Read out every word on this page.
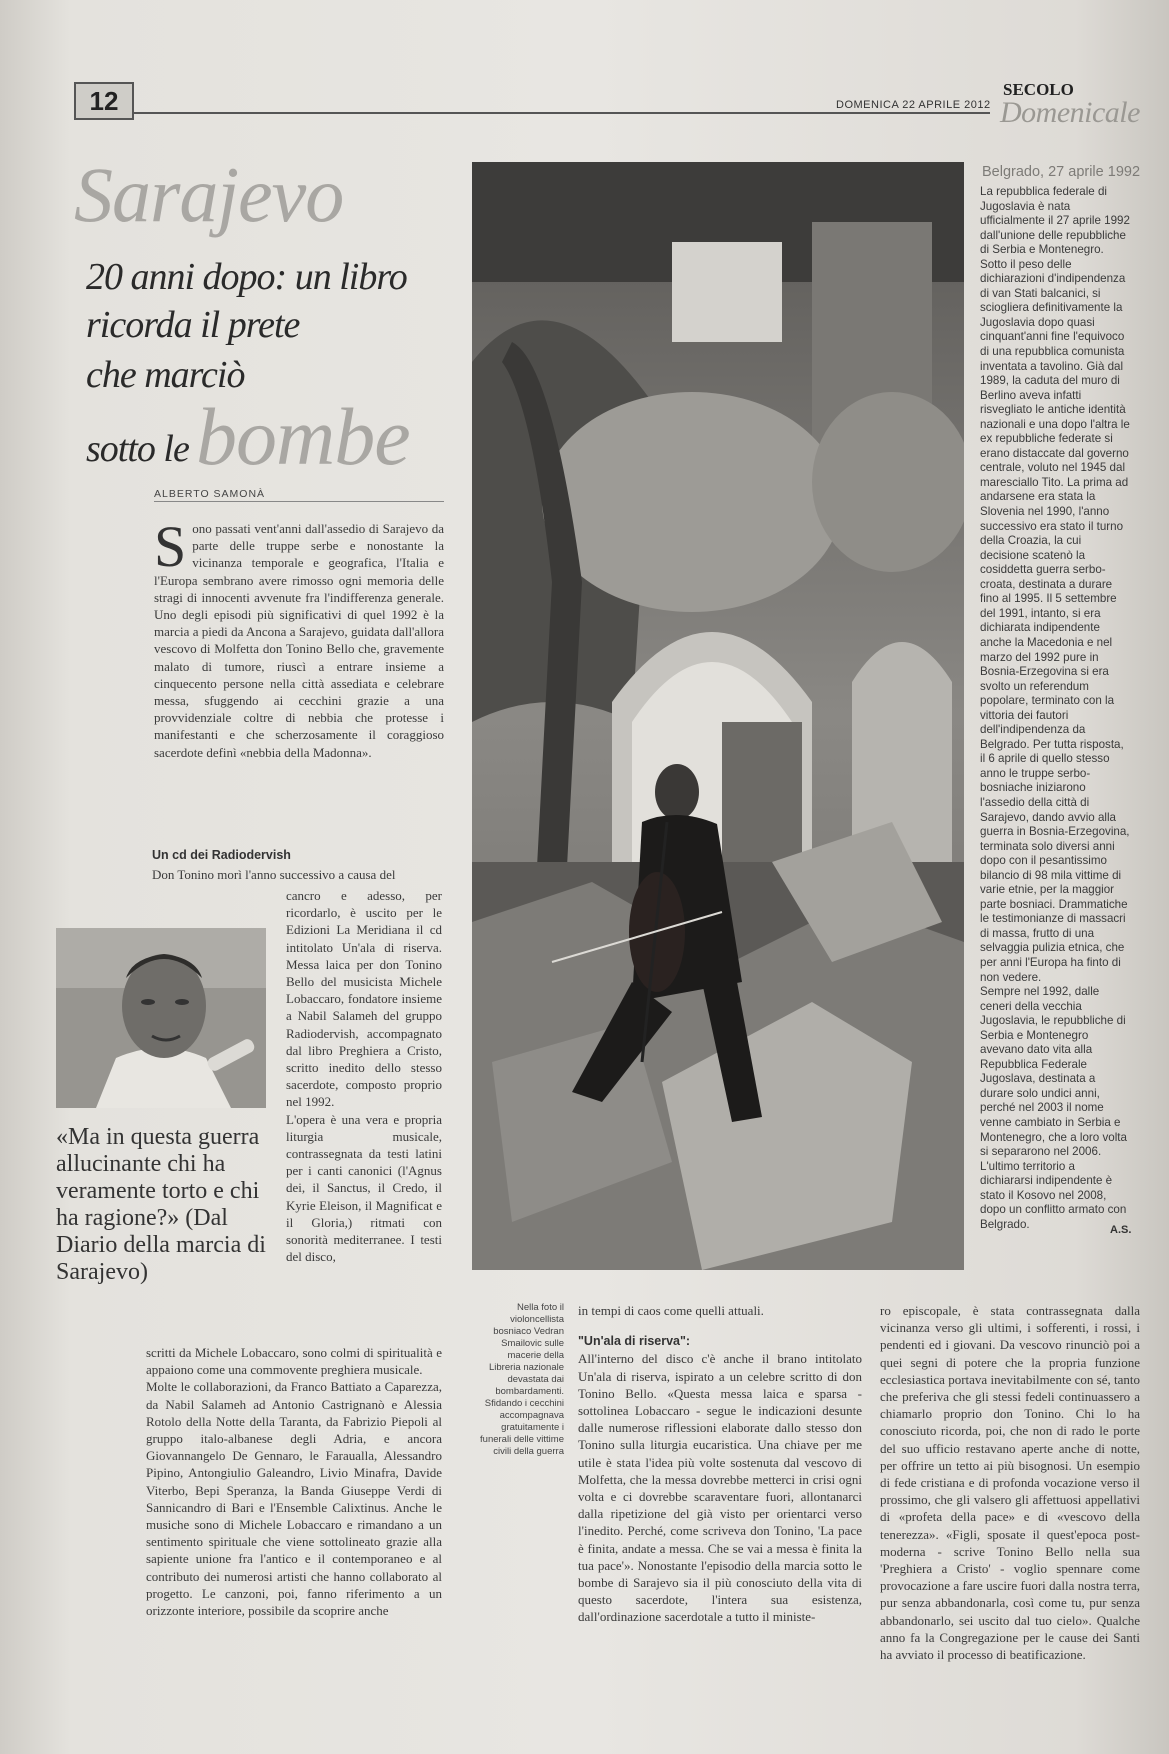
12	DOMENICA 22 APRILE 2012
SECOLO
Domenicale
Sarajevo
20 anni dopo: un libro
ricorda il prete
che marciò
sotto le bombe
ALBERTO SAMONÀ
Sono passati vent'anni dall'assedio di Sarajevo da parte delle truppe serbe e nonostante la vicinanza temporale e geografica, l'Italia e l'Europa sembrano avere rimosso ogni memoria delle stragi di innocenti avvenute fra l'indifferenza generale. Uno degli episodi più significativi di quel 1992 è la marcia a piedi da Ancona a Sarajevo, guidata dall'allora vescovo di Molfetta don Tonino Bello che, gravemente malato di tumore, riuscì a entrare insieme a cinquecento persone nella città assediata e celebrare messa, sfuggendo ai cecchini grazie a una provvidenziale coltre di nebbia che protesse i manifestanti e che scherzosamente il coraggioso sacerdote definì «nebbia della Madonna».
Un cd dei Radiodervish
Don Tonino morì l'anno successivo a causa del

cancro e adesso, per ricordarlo, è uscito per le Edizioni La Meridiana il cd intitolato Un'ala di riserva. Messa laica per don Tonino Bello del musicista Michele Lobaccaro, fondatore insieme a Nabil Salameh del gruppo Radiodervish, accompagnato dal libro Preghiera a Cristo, scritto inedito dello stesso sacerdote, composto proprio nel 1992.

L'opera è una vera e propria liturgia musicale, contrassegnata da testi latini per i canti canonici (l'Agnus dei, il Sanctus, il Credo, il Kyrie Eleison, il Magnificat e il Gloria,) ritmati con sonorità mediterranee. I testi del disco,

scritti da Michele Lobaccaro, sono colmi di spiritualità e appaiono come una commovente preghiera musicale.

Molte le collaborazioni, da Franco Battiato a Caparezza, da Nabil Salameh ad Antonio Castrignanò e Alessia Rotolo della Notte della Taranta, da Fabrizio Piepoli al gruppo italo-albanese degli Adria, e ancora Giovannangelo De Gennaro, le Faraualla, Alessandro Pipino, Antongiulio Galeandro, Livio Minafra, Davide Viterbo, Bepi Speranza, la Banda Giuseppe Verdi di Sannicandro di Bari e l'Ensemble Calixtinus. Anche le musiche sono di Michele Lobaccaro e rimandano a un sentimento spirituale che viene sottolineato grazie alla sapiente unione fra l'antico e il contemporaneo e al contributo dei numerosi artisti che hanno collaborato al progetto. Le canzoni, poi, fanno riferimento a un orizzonte interiore, possibile da scoprire anche

«Ma in questa guerra allucinante chi ha veramente torto e chi ha ragione?» (Dal Diario della marcia di Sarajevo)
Nella foto il violoncellista bosniaco Vedran Smailovic sulle macerie della Libreria nazionale devastata dai bombardamenti. Sfidando i cecchini accompagnava gratuitamente i funerali delle vittime civili della guerra

in tempi di caos come quelli attuali.

"Un'ala di riserva":

All'interno del disco c'è anche il brano intitolato Un'ala di riserva, ispirato a un celebre scritto di don Tonino Bello. «Questa messa laica e sparsa - sottolinea Lobaccaro - segue le indicazioni desunte dalle numerose riflessioni elaborate dallo stesso don Tonino sulla liturgia eucaristica. Una chiave per me utile è stata l'idea più volte sostenuta dal vescovo di Molfetta, che la messa dovrebbe metterci in crisi ogni volta e ci dovrebbe scaraventare fuori, allontanarci dalla ripetizione del già visto per orientarci verso l'inedito. Perché, come scriveva don Tonino, 'La pace è finita, andate a messa. Che se vai a messa è finita la tua pace'». Nonostante l'episodio della marcia sotto le bombe di Sarajevo sia il più conosciuto della vita di questo sacerdote, l'intera sua esistenza, dall'ordinazione sacerdotale a tutto il ministe-

ro episcopale, è stata contrassegnata dalla vicinanza verso gli ultimi, i sofferenti, i rossi, i pendenti ed i giovani. Da vescovo rinunciò poi a quei segni di potere che la propria funzione ecclesiastica portava inevitabilmente con sé, tanto che preferiva che gli stessi fedeli continuassero a chiamarlo proprio don Tonino. Chi lo ha conosciuto ricorda, poi, che non di rado le porte del suo ufficio restavano aperte anche di notte, per offrire un tetto ai più bisognosi. Un esempio di fede cristiana e di profonda vocazione verso il prossimo, che gli valsero gli affettuosi appellativi di «profeta della pace» e di «vescovo della tenerezza». «Figli, sposate il quest'epoca post-moderna - scrive Tonino Bello nella sua 'Preghiera a Cristo' - voglio spennare come provocazione a fare uscire fuori dalla nostra terra, pur senza abbandonarla, così come tu, pur senza abbandonarlo, sei uscito dal tuo cielo». Qualche anno fa la Congregazione per le cause dei Santi ha avviato il processo di beatificazione.

Belgrado, 27 aprile 1992

La repubblica federale di Jugoslavia è nata ufficialmente il 27 aprile 1992 dall'unione delle repubbliche di Serbia e Montenegro. Sotto il peso delle dichiarazioni d'indipendenza di van Stati balcanici, si sciogliera definitivamente la Jugoslavia dopo quasi cinquant'anni fine l'equivoco di una repubblica comunista inventata a tavolino. Già dal 1989, la caduta del muro di Berlino aveva infatti risvegliato le antiche identità nazionali e una dopo l'altra le ex repubbliche federate si erano distaccate dal governo centrale, voluto nel 1945 dal maresciallo Tito. La prima ad andarsene era stata la Slovenia nel 1990, l'anno successivo era stato il turno della Croazia, la cui decisione scatenò la cosiddetta guerra serbo-croata, destinata a durare fino al 1995. Il 5 settembre del 1991, intanto, si era dichiarata indipendente anche la Macedonia e nel marzo del 1992 pure in Bosnia-Erzegovina si era svolto un referendum popolare, terminato con la vittoria dei fautori dell'indipendenza da Belgrado. Per tutta risposta, il 6 aprile di quello stesso anno le truppe serbo-bosniache iniziarono l'assedio della città di Sarajevo, dando avvio alla guerra in Bosnia-Erzegovina, terminata solo diversi anni dopo con il pesantissimo bilancio di 98 mila vittime di varie etnie, per la maggior parte bosniaci. Drammatiche le testimonianze di massacri di massa, frutto di una selvaggia pulizia etnica, che per anni l'Europa ha finto di non vedere.

Sempre nel 1992, dalle ceneri della vecchia Jugoslavia, le repubbliche di Serbia e Montenegro avevano dato vita alla Repubblica Federale Jugoslava, destinata a durare solo undici anni, perché nel 2003 il nome venne cambiato in Serbia e Montenegro, che a loro volta si separarono nel 2006. L'ultimo territorio a dichiararsi indipendente è stato il Kosovo nel 2008, dopo un conflitto armato con Belgrado.	A.S.
